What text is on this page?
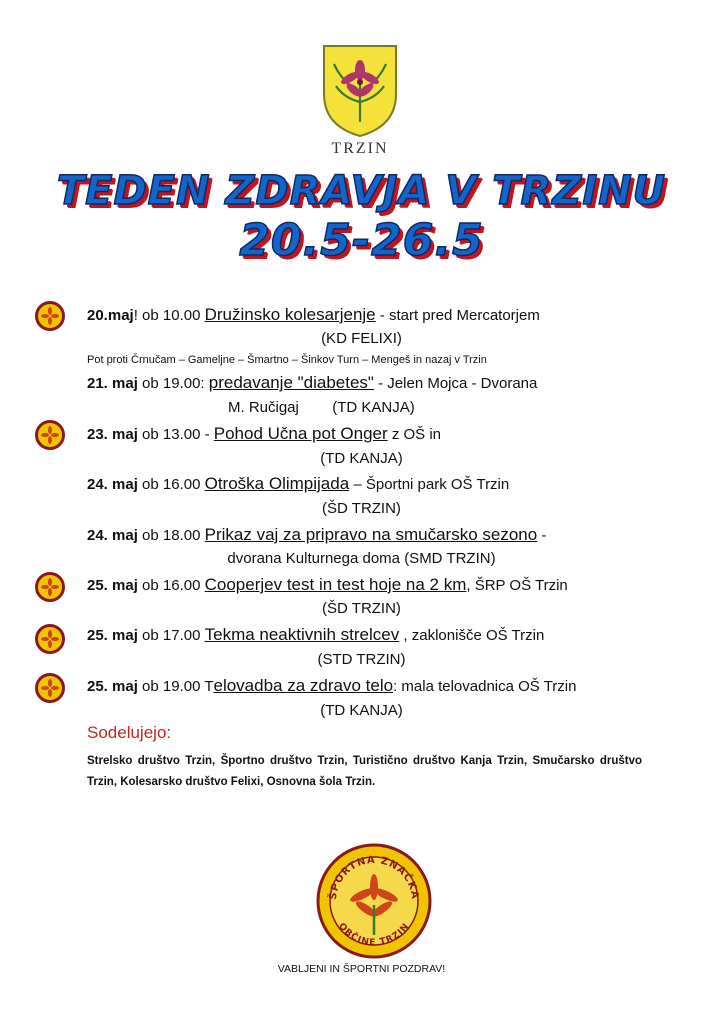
TRZIN
TEDEN ZDRAVJA V TRZINU
20.5-26.5
20.maj! ob 10.00 Družinsko kolesarjenje - start pred Mercatorjem
(KD FELIXI)
Pot proti Črnučam – Gameljne – Šmartno – Šinkov Turn – Mengeš in nazaj v Trzin
21. maj ob 19.00: predavanje "diabetes" - Jelen Mojca - Dvorana
M. Ručigaj        (TD KANJA)
23. maj ob 13.00 - Pohod Učna pot Onger z OŠ in
(TD KANJA)
24. maj ob 16.00 Otroška Olimpijada – Športni park OŠ Trzin
(ŠD TRZIN)
24. maj ob 18.00 Prikaz vaj za pripravo na smučarsko sezono -
dvorana Kulturnega doma (SMD TRZIN)
25. maj ob 16.00 Cooperjev test in test hoje na 2 km, ŠRP OŠ Trzin
(ŠD TRZIN)
25. maj ob 17.00 Tekma neaktivnih strelcev , zaklonišče OŠ Trzin
(STD TRZIN)
25. maj ob 19.00 Telovadba za zdravo telo: mala telovadnica OŠ Trzin
(TD KANJA)
Sodelujejo:
Strelsko društvo Trzin, Športno društvo Trzin, Turistično društvo Kanja Trzin, Smučarsko društvo Trzin, Kolesarsko društvo Felixi, Osnovna šola Trzin.
ŠPORTNA ZNAČKA
OBČINE TRZIN
VABLJENI IN ŠPORTNI POZDRAV!
